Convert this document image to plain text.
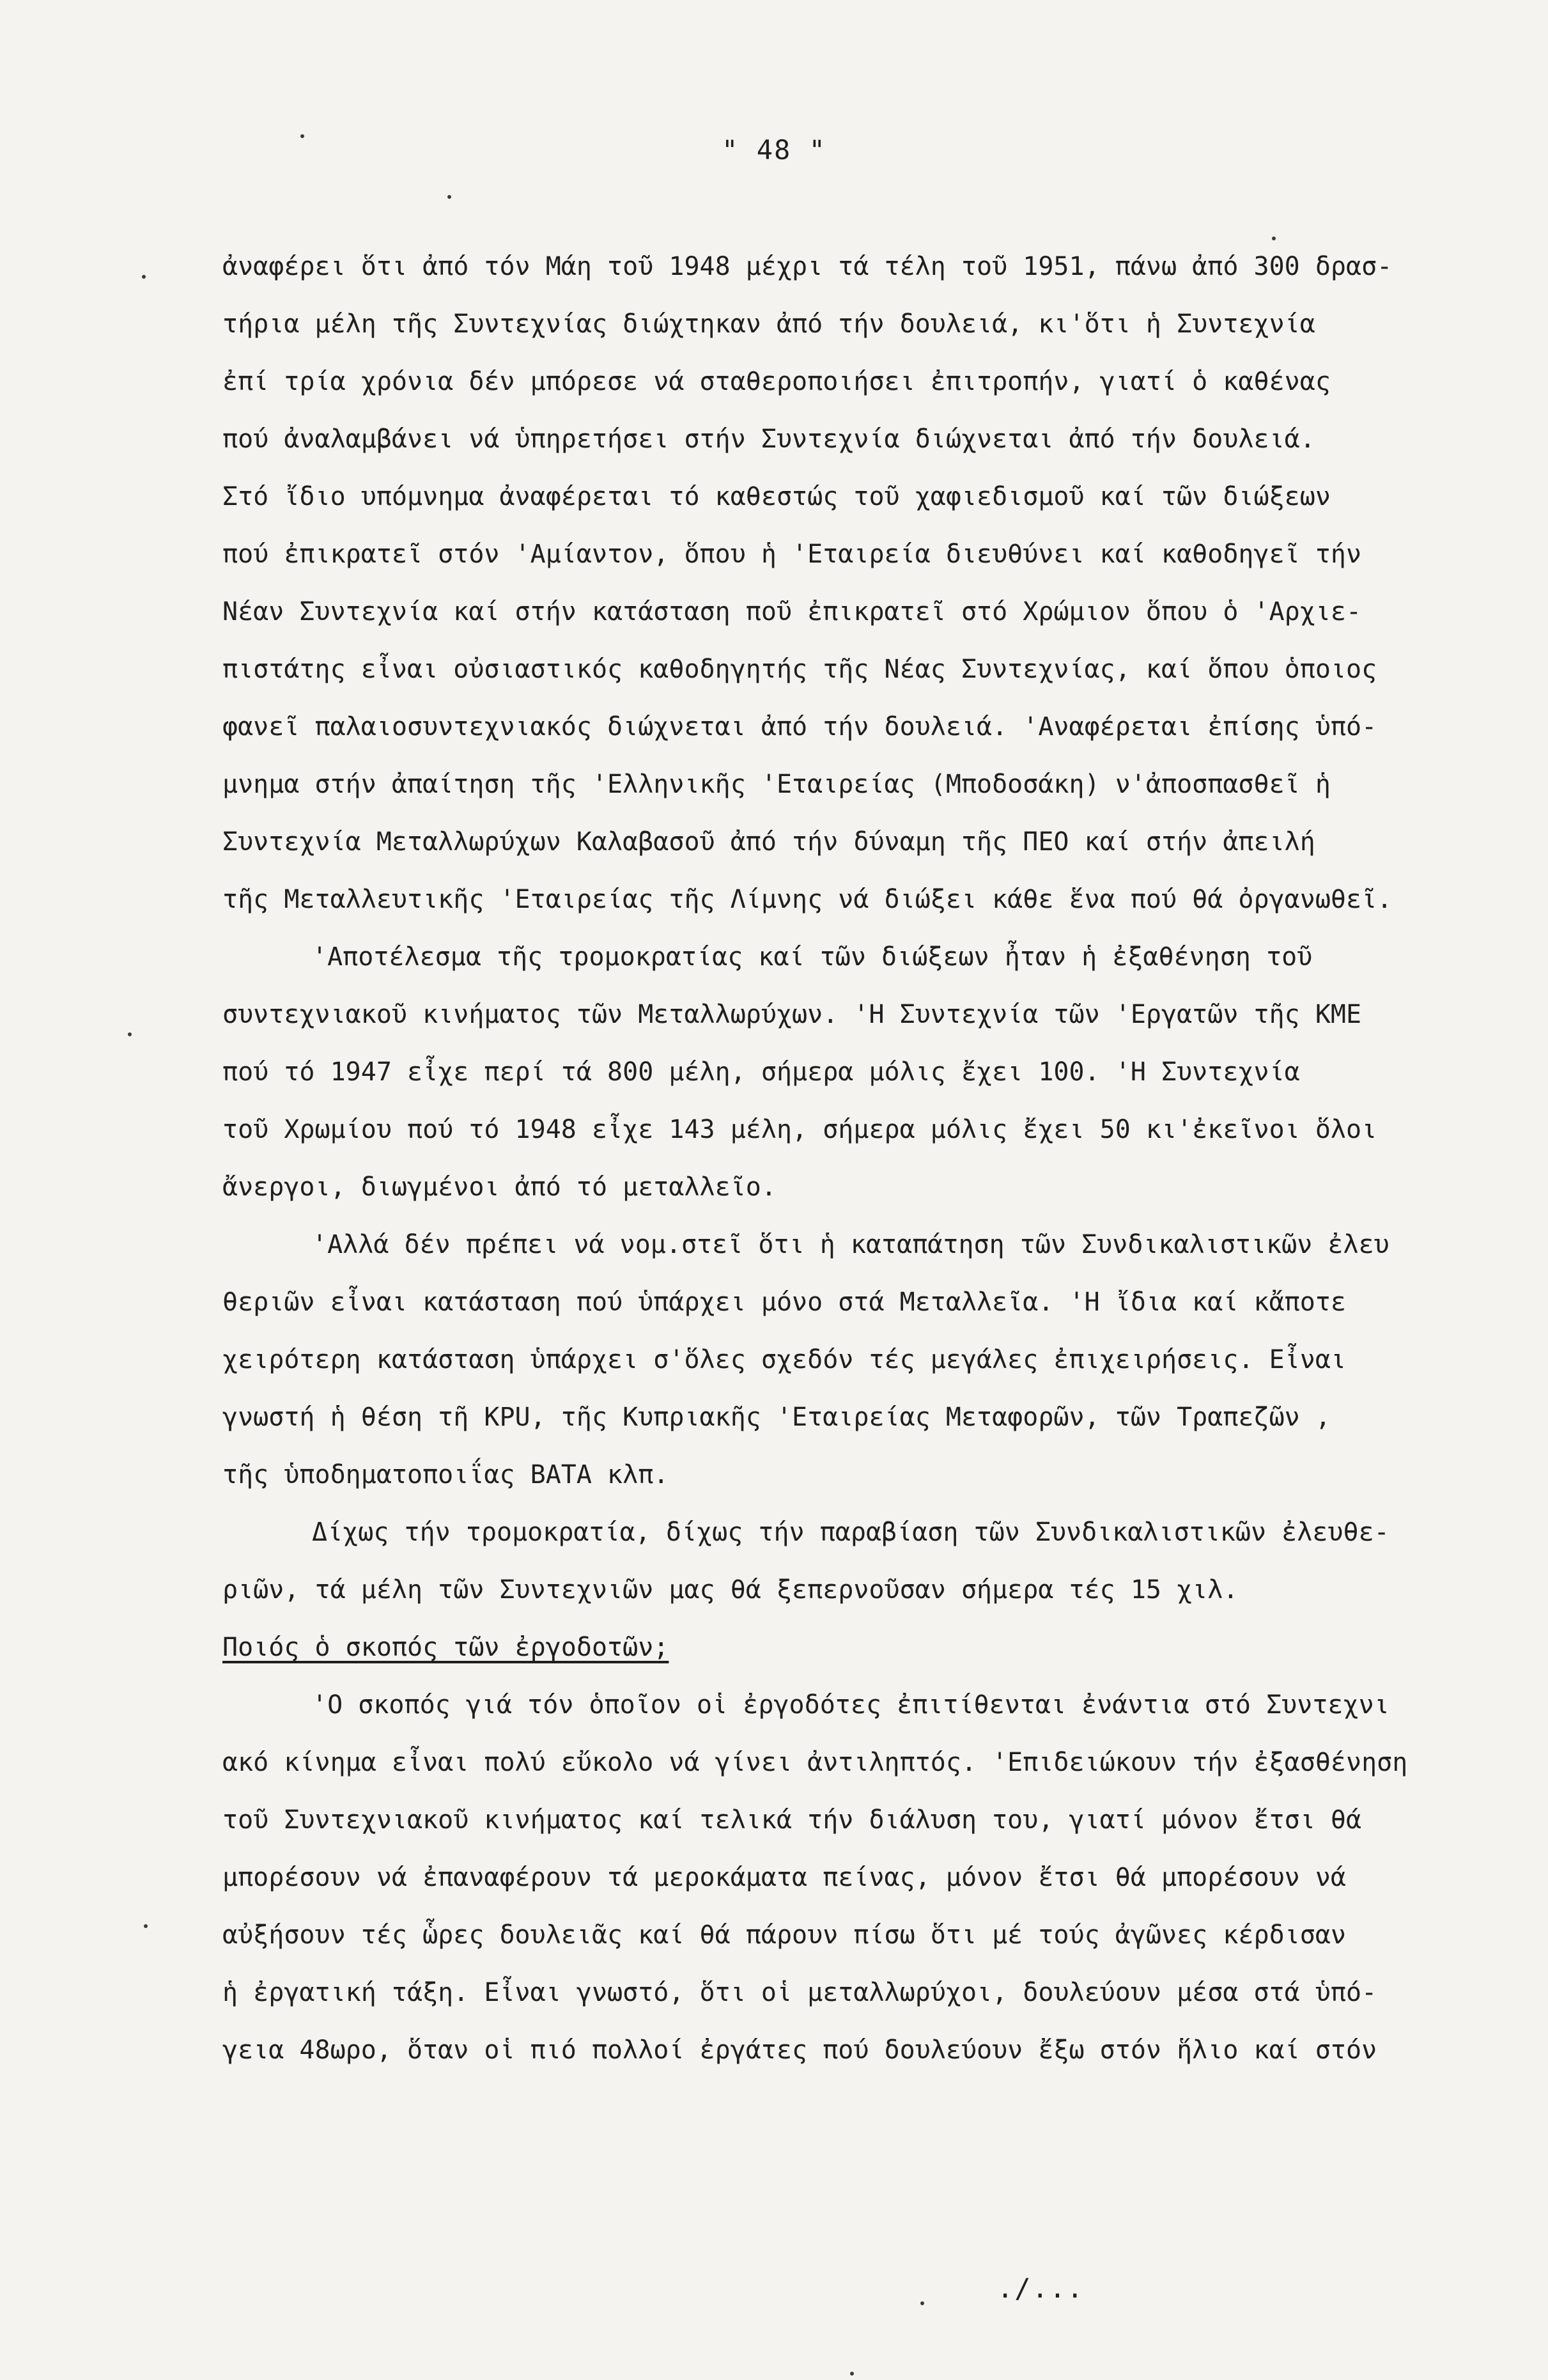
" 48 "
ἀναφέρει ὅτι ἀπό τόν Μάη τοῦ 1948 μέχρι τά τέλη τοῦ 1951, πάνω ἀπό 300 δρασ-
τήρια μέλη τῆς Συντεχνίας διώχτηκαν ἀπό τήν δουλειά, κι'ὅτι ἡ Συντεχνία
ἐπί τρία χρόνια δέν μπόρεσε νά σταθεροποιήσει ἐπιτροπήν, γιατί ὁ καθένας
πού ἀναλαμβάνει νά ὑπηρετήσει στήν Συντεχνία διώχνεται ἀπό τήν δουλειά.
Στό ἴδιο υπόμνημα ἀναφέρεται τό καθεστώς τοῦ χαφιεδισμοῦ καί τῶν διώξεων
πού ἐπικρατεῖ στόν 'Αμίαντον, ὅπου ἡ 'Εταιρεία διευθύνει καί καθοδηγεῖ τήν
Νέαν Συντεχνία καί στήν κατάσταση ποῦ ἐπικρατεῖ στό Χρώμιον ὅπου ὁ 'Αρχιε-
πιστάτης εἶναι οὐσιαστικός καθοδηγητής τῆς Νέας Συντεχνίας, καί ὅπου ὁποιος
φανεῖ παλαιοσυντεχνιακός διώχνεται ἀπό τήν δουλειά. 'Αναφέρεται ἐπίσης ὑπό-
μνημα στήν ἀπαίτηση τῆς 'Ελληνικῆς 'Εταιρείας (Μποδοσάκη) ν'ἀποσπασθεῖ ἡ
Συντεχνία Μεταλλωρύχων Καλαβασοῦ ἀπό τήν δύναμη τῆς ΠΕΟ καί στήν ἀπειλή
τῆς Μεταλλευτικῆς 'Εταιρείας τῆς Λίμνης νά διώξει κάθε ἕνα πού θά ὀργανωθεῖ.
'Αποτέλεσμα τῆς τρομοκρατίας καί τῶν διώξεων ἦταν ἡ ἐξαθένηση τοῦ
συντεχνιακοῦ κινήματος τῶν Μεταλλωρύχων. 'Η Συντεχνία τῶν 'Εργατῶν τῆς ΚΜΕ
πού τό 1947 εἶχε περί τά 800 μέλη, σήμερα μόλις ἔχει 100. 'Η Συντεχνία
τοῦ Χρωμίου πού τό 1948 εἶχε 143 μέλη, σήμερα μόλις ἔχει 50 κι'ἐκεῖνοι ὅλοι
ἄνεργοι, διωγμένοι ἀπό τό μεταλλεῖο.
'Αλλά δέν πρέπει νά νομ.στεῖ ὅτι ἡ καταπάτηση τῶν Συνδικαλιστικῶν ἐλευ
θεριῶν εἶναι κατάσταση πού ὑπάρχει μόνο στά Μεταλλεῖα. 'Η ἴδια καί κἄποτε
χειρότερη κατάσταση ὑπάρχει σ'ὅλες σχεδόν τές μεγάλες ἐπιχειρήσεις. Εἶναι
γνωστή ἡ θέση τῆ ΚΡU, τῆς Κυπριακῆς 'Εταιρείας Μεταφορῶν, τῶν Τραπεζῶν ,
τῆς ὑποδηματοποιΐας ΒΑΤΑ κλπ.
Δίχως τήν τρομοκρατία, δίχως τήν παραβίαση τῶν Συνδικαλιστικῶν ἐλευθε-
ριῶν, τά μέλη τῶν Συντεχνιῶν μας θά ξεπερνοῦσαν σήμερα τές 15 χιλ.
Ποιός ὁ σκοπός τῶν ἐργοδοτῶν;
'Ο σκοπός γιά τόν ὁποῖον οἱ ἐργοδότες ἐπιτίθενται ἐνάντια στό Συντεχνι
ακό κίνημα εἶναι πολύ εὔκολο νά γίνει ἀντιληπτός. 'Επιδειώκουν τήν ἐξασθένηση
τοῦ Συντεχνιακοῦ κινήματος καί τελικά τήν διάλυση του, γιατί μόνον ἔτσι θά
μπορέσουν νά ἐπαναφέρουν τά μεροκάματα πείνας, μόνον ἔτσι θά μπορέσουν νά
αὐξήσουν τές ὧρες δουλειᾶς καί θά πάρουν πίσω ὅτι μέ τούς ἀγῶνες κέρδισαν
ἡ ἐργατική τάξη. Εἶναι γνωστό, ὅτι οἱ μεταλλωρύχοι, δουλεύουν μέσα στά ὑπό-
γεια 48ωρο, ὅταν οἱ πιό πολλοί ἐργάτες πού δουλεύουν ἔξω στόν ἥλιο καί στόν
./...
